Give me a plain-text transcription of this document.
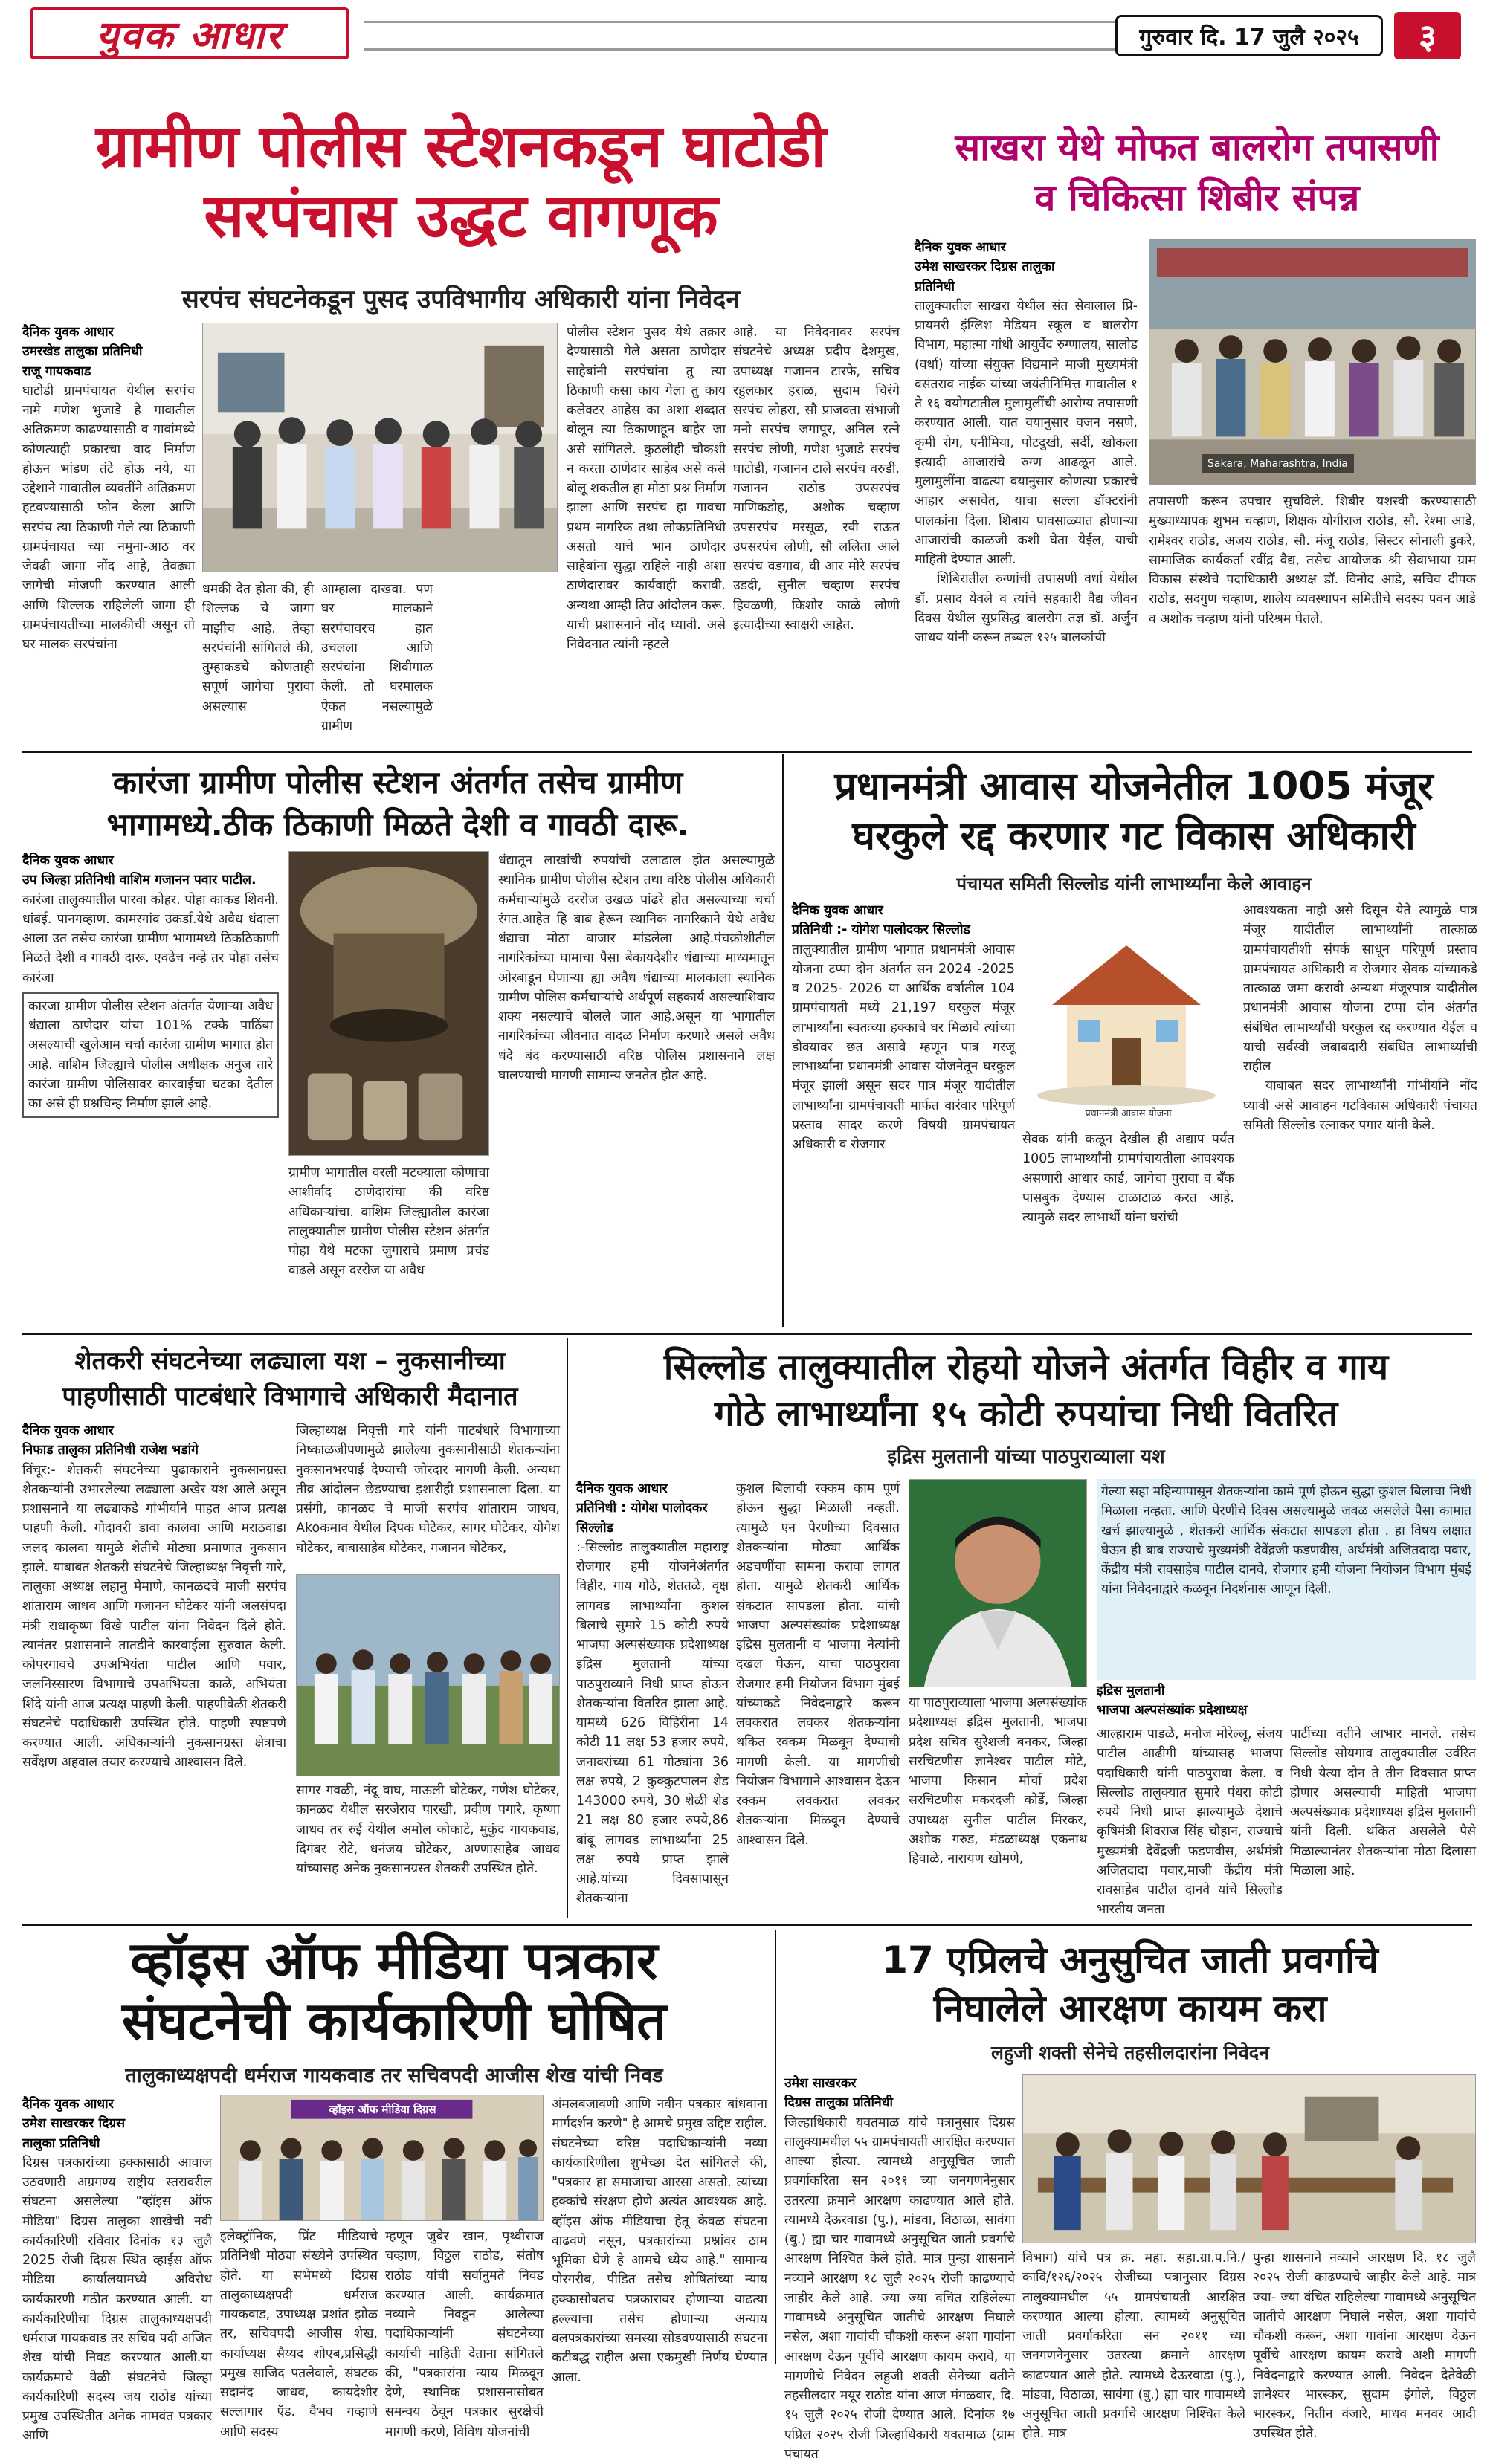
युवक आधार	गुरुवार दि. 17 जुलै २०२५ ३
ग्रामीण पोलीस स्टेशनकडून घाटोडी
सरपंचास उद्धट वागणूक
सरपंच संघटनेकडून पुसद उपविभागीय अधिकारी यांना निवेदन
दैनिक युवक आधार
उमरखेड तालुका प्रतिनिधी
राजू गायकवाड

घाटोडी ग्रामपंचायत येथील सरपंच नामे गणेश भुजाडे हे गावातील अतिक्रमण काढण्यासाठी व गावांमध्ये कोणत्याही प्रकारचा वाद निर्माण होऊन भांडण तंटे होऊ नये, या उद्देशाने गावातील व्यक्तींने अतिक्रमण हटवण्यासाठी फोन केला आणि सरपंच त्या ठिकाणी गेले त्या ठिकाणी ग्रामपंचायत च्या नमुना-आठ वर जेवढी जागा नोंद आहे, तेवढ्या जागेची मोजणी करण्यात आली आणि शिल्लक राहिलेली जागा ही ग्रामपंचायतीच्या मालकीची असून तो घर मालक सरपंचांना

धमकी देत होता की, ही शिल्लक चे जागा माझीच आहे. तेव्हा सरपंचांनी सांगितले की, तुम्हाकडचे कोणताही सपूर्ण जागेचा पुरावा असल्यास

आम्हाला दाखवा. पण घर मालकाने सरपंचावरच हात उचलला आणि सरपंचांना शिवीगाळ केली. तो घरमालक ऐकत नसल्यामुळे ग्रामीण

पोलीस स्टेशन पुसद येथे तक्रार देण्यासाठी गेले असता ठाणेदार साहेबांनी सरपंचांना तु त्या ठिकाणी कसा काय गेला तु काय कलेक्टर आहेस का अशा शब्दात बोलून त्या ठिकाणाहून बाहेर जा असे सांगितले. कुठलीही चौकशी न करता ठाणेदार साहेब असे कसे बोलू शकतील हा मोठा प्रश्न निर्माण झाला आणि सरपंच हा गावचा प्रथम नागरिक तथा लोकप्रतिनिधी असतो याचे भान ठाणेदार साहेबांना सुद्धा राहिले नाही अशा ठाणेदारावर कार्यवाही करावी. अन्यथा आम्ही तिव्र आंदोलन करू. याची प्रशासनाने नोंद घ्यावी. असे निवेदनात त्यांनी म्हटले

आहे. या निवेदनावर सरपंच संघटनेचे अध्यक्ष प्रदीप देशमुख, उपाध्यक्ष गजानन टारफे, सचिव रहुलकार हराळ, सुदाम चिरंगे सरपंच लोहरा, सौ प्राजक्ता संभाजी मनो सरपंच जगापूर, अनिल रत्ने सरपंच लोणी, गणेश भुजाडे सरपंच घाटोडी, गजानन टाले सरपंच वरुडी, गजानन राठोड उपसरपंच माणिकडोह, अशोक चव्हाण उपसरपंच मरसूळ, रवी राऊत उपसरपंच लोणी, सौ ललिता आले सरपंच वडगाव, वी आर मोरे सरपंच उडदी, सुनील चव्हाण सरपंच हिवळणी, किशोर काळे लोणी इत्यादींच्या स्वाक्षरी आहेत.

साखरा येथे मोफत बालरोग तपासणी
व चिकित्सा शिबीर संपन्न
दैनिक युवक आधार
उमेश साखरकर दिग्रस तालुका
प्रतिनिधी

तालुक्यातील साखरा येथील संत सेवालाल प्रि- प्रायमरी इंग्लिश मेडियम स्कूल व बालरोग विभाग, महात्मा गांधी आयुर्वेद रुग्णालय, सालोड (वर्धा) यांच्या संयुक्त विद्यमाने माजी मुख्यमंत्री वसंतराव नाईक यांच्या जयंतीनिमित्त गावातील १ ते १६ वयोगटातील मुलामुलींची आरोग्य तपासणी करण्यात आली. यात वयानुसार वजन नसणे, कृमी रोग, एनीमिया, पोटदुखी, सर्दी, खोकला इत्यादी आजारांचे रुग्ण आढळून आले. मुलामुलींना वाढत्या वयानुसार कोणत्या प्रकारचे आहार असावेत, याचा सल्ला डॉक्टरांनी पालकांना दिला. शिबाय पावसाळ्यात होणाऱ्या आजारांची काळजी कशी घेता येईल, याची माहिती देण्यात आली.

शिबिरातील रुग्णांची तपासणी वर्धा येथील डॉ. प्रसाद येवले व त्यांचे सहकारी वैद्य जीवन दिवस येथील सुप्रसिद्ध बालरोग तज्ञ डॉ. अर्जुन जाधव यांनी करून तब्बल १२५ बालकांची

Sakara, Maharashtra, India

तपासणी करून उपचार सुचविले. शिबीर यशस्वी करण्यासाठी मुख्याध्यापक शुभम चव्हाण, शिक्षक योगीराज राठोड, सौ. रेश्मा आडे, रामेश्वर राठोड, अजय राठोड, सौ. मंजू राठोड, सिस्टर सोनाली डुकरे, सामाजिक कार्यकर्ता रवींद्र वैद्य, तसेच आयोजक श्री सेवाभाया ग्राम विकास संस्थेचे पदाधिकारी अध्यक्ष डॉ. विनोद आडे, सचिव दीपक राठोड, सदगुण चव्हाण, शालेय व्यवस्थापन समितीचे सदस्य पवन आडे व अशोक चव्हाण यांनी परिश्रम घेतले.

कारंजा ग्रामीण पोलीस स्टेशन अंतर्गत तसेच ग्रामीण
भागामध्ये.ठीक ठिकाणी मिळते देशी व गावठी दारू.
दैनिक युवक आधार
उप जिल्हा प्रतिनिधी वाशिम गजानन पवार पाटील.

कारंजा तालुक्यातील पारवा कोहर. पोहा काकड शिवनी. धांबई. पानगव्हाण. कामरगांव उकर्डा.येथे अवैध धंदाला आला उत तसेच कारंजा ग्रामीण भागामध्ये ठिकठिकाणी मिळते देशी व गावठी दारू. एवढेच नव्हे तर पोहा तसेच कारंजा

कारंजा ग्रामीण पोलीस स्टेशन अंतर्गत येणाऱ्या अवैध धंद्याला ठाणेदार यांचा 101% टक्के पाठिंबा असल्याची खुलेआम चर्चा कारंजा ग्रामीण भागात होत आहे. वाशिम जिल्ह्याचे पोलीस अधीक्षक अनुज तारे कारंजा ग्रामीण पोलिसावर कारवाईचा चटका देतील का असे ही प्रश्नचिन्ह निर्माण झाले आहे.

ग्रामीण भागातील वरली मटक्याला कोणाचा आशीर्वाद ठाणेदारांचा की वरिष्ठ अधिकाऱ्यांचा. वाशिम जिल्ह्यातील कारंजा तालुक्यातील ग्रामीण पोलीस स्टेशन अंतर्गत पोहा येथे मटका जुगाराचे प्रमाण प्रचंड वाढले असून दररोज या अवैध

धंद्यातून लाखांची रुपयांची उलाढाल होत असल्यामुळे स्थानिक ग्रामीण पोलीस स्टेशन तथा वरिष्ठ पोलीस अधिकारी कर्मचाऱ्यांमुळे दररोज उखळ पांढरे होत असल्याच्या चर्चा रंगत.आहेत हि बाब हेरून स्थानिक नागरिकाने येथे अवैध धंद्याचा मोठा बाजार मांडलेला आहे.पंचक्रोशीतील नागरिकांच्या घामाचा पैसा बेकायदेशीर धंद्याच्या माध्यमातून ओरबाडून घेणाऱ्या ह्या अवैध धंद्याच्या मालकाला स्थानिक ग्रामीण पोलिस कर्मचाऱ्यांचे अर्थपूर्ण सहकार्य असल्याशिवाय शक्य नसल्याचे बोलले जात आहे.असून या भागातील नागरिकांच्या जीवनात वादळ निर्माण करणारे असले अवैध धंदे बंद करण्यासाठी वरिष्ठ पोलिस प्रशासनाने लक्ष घालण्याची मागणी सामान्य जनतेत होत आहे.

प्रधानमंत्री आवास योजनेतील 1005 मंजूर
घरकुले रद्द करणार गट विकास अधिकारी
पंचायत समिती सिल्लोड यांनी लाभार्थ्यांना केले आवाहन
दैनिक युवक आधार
प्रतिनिधी :- योगेश पालोदकर सिल्लोड

तालुक्यातील ग्रामीण भागात प्रधानमंत्री आवास योजना टप्पा दोन अंतर्गत सन 2024 -2025 व 2025- 2026 या आर्थिक वर्षातील 104 ग्रामपंचायती मध्ये 21,197 घरकुल मंजूर लाभार्थ्यांना स्वतःच्या हक्काचे घर मिळावे त्यांच्या डोक्यावर छत असावे म्हणून पात्र गरजू लाभार्थ्यांना प्रधानमंत्री आवास योजनेतून घरकुल मंजूर झाली असून सदर पात्र मंजूर यादीतील लाभार्थ्यांना ग्रामपंचायती मार्फत वारंवार परिपूर्ण प्रस्ताव सादर करणे विषयी ग्रामपंचायत अधिकारी व रोजगार

प्रधानमंत्री आवास योजना

सेवक यांनी कळून देखील ही अद्याप पर्यंत 1005 लाभार्थ्यांनी ग्रामपंचायतीला आवश्यक असणारी आधार कार्ड, जागेचा पुरावा व बँक पासबुक देण्यास टाळाटाळ करत आहे. त्यामुळे सदर लाभार्थी यांना घरांची

आवश्यकता नाही असे दिसून येते त्यामुळे पात्र मंजूर यादीतील लाभार्थ्यांनी तात्काळ ग्रामपंचायतीशी संपर्क साधून परिपूर्ण प्रस्ताव ग्रामपंचायत अधिकारी व रोजगार सेवक यांच्याकडे तात्काळ जमा करावी अन्यथा मंजूरपात्र यादीतील प्रधानमंत्री आवास योजना टप्पा दोन अंतर्गत संबंधित लाभार्थ्यांची घरकुल रद्द करण्यात येईल व याची सर्वस्वी जबाबदारी संबंधित लाभार्थ्यांची राहील

याबाबत सदर लाभार्थ्यांनी गांभीर्याने नोंद घ्यावी असे आवाहन गटविकास अधिकारी पंचायत समिती सिल्लोड रत्नाकर पगार यांनी केले.

शेतकरी संघटनेच्या लढ्याला यश – नुकसानीच्या
पाहणीसाठी पाटबंधारे विभागाचे अधिकारी मैदानात
दैनिक युवक आधार
निफाड तालुका प्रतिनिधी राजेश भडांगे

विंचूर:- शेतकरी संघटनेच्या पुढाकाराने नुकसानग्रस्त शेतकऱ्यांनी उभारलेल्या लढ्याला अखेर यश आले असून प्रशासनाने या लढ्याकडे गांभीर्याने पाहत आज प्रत्यक्ष पाहणी केली. गोदावरी डावा कालवा आणि मराठवाडा जलद कालवा यामुळे शेतीचे मोठ्या प्रमाणात नुकसान झाले. याबाबत शेतकरी संघटनेचे जिल्हाध्यक्ष निवृत्ती गारे, तालुका अध्यक्ष लहानु मेमाणे, कानळदचे माजी सरपंच शांताराम जाधव आणि गजानन घोटेकर यांनी जलसंपदा मंत्री राधाकृष्ण विखे पाटील यांना निवेदन दिले होते. त्यानंतर प्रशासनाने तातडीने कारवाईला सुरुवात केली. कोपरगावचे उपअभियंता पाटील आणि पवार, जलनिस्सारण विभागाचे उपअभियंता काळे, अभियंता शिंदे यांनी आज प्रत्यक्ष पाहणी केली. पाहणीवेळी शेतकरी संघटनेचे पदाधिकारी उपस्थित होते. पाहणी स्पष्टपणे करण्यात आली. अधिकाऱ्यांनी नुकसानग्रस्त क्षेत्राचा सर्वेक्षण अहवाल तयार करण्याचे आश्वासन दिले.

जिल्हाध्यक्ष निवृत्ती गारे यांनी पाटबंधारे विभागाच्या निष्काळजीपणामुळे झालेल्या नुकसानीसाठी शेतकऱ्यांना नुकसानभरपाई देण्याची जोरदार मागणी केली. अन्यथा तीव्र आंदोलन छेडण्याचा इशारीही प्रशासनाला दिला. या प्रसंगी, कानळद चे माजी सरपंच शांताराम जाधव, Akoकमाव येथील दिपक घोटेकर, सागर घोटेकर, योगेश घोटेकर, बाबासाहेब घोटेकर, गजानन घोटेकर,

सागर गवळी, नंदू वाघ, माऊली घोटेकर, गणेश घोटेकर, कानळद येथील सरजेराव पारखी, प्रवीण पगारे, कृष्णा जाधव तर रुई येथील अमोल कोकाटे, मुकुंद गायकवाड, दिगंबर रोटे, धनंजय घोटेकर, अण्णासाहेब जाधव यांच्यासह अनेक नुकसानग्रस्त शेतकरी उपस्थित होते.

सिल्लोड तालुक्यातील रोहयो योजने अंतर्गत विहीर व गाय
गोठे लाभार्थ्यांना १५ कोटी रुपयांचा निधी वितरित
इद्रिस मुलतानी यांच्या पाठपुराव्याला यश
दैनिक युवक आधार
प्रतिनिधी : योगेश पालोदकर
सिल्लोड

:-सिल्लोड तालुक्यातील महाराष्ट्र रोजगार हमी योजनेअंतर्गत विहीर, गाय गोठे, शेततळे, वृक्ष लागवड लाभार्थ्यांना कुशल बिलाचे सुमारे 15 कोटी रुपये भाजपा अल्पसंख्याक प्रदेशाध्यक्ष इद्रिस मुलतानी यांच्या पाठपुराव्याने निधी प्राप्त होऊन शेतकऱ्यांना वितरित झाला आहे. यामध्ये 626 विहिरीना 14 कोटी 11 लक्ष 53 हजार रुपये, जनावरांच्या 61 गोठ्यांना 36 लक्ष रुपये, 2 कुक्कुटपालन शेड 143000 रुपये, 30 शेळी शेड 21 लक्ष 80 हजार रुपये,86 बांबू लागवड लाभार्थ्यांना 25 लक्ष रुपये प्राप्त झाले आहे.यांच्या दिवसापासून शेतकऱ्यांना

कुशल बिलाची रक्कम काम पूर्ण होऊन सुद्धा मिळाली नव्हती. त्यामुळे एन पेरणीच्या दिवसात शेतकऱ्यांना मोठ्या आर्थिक अडचणींचा सामना करावा लागत होता. यामुळे शेतकरी आर्थिक संकटात सापडला होता. यांची भाजपा अल्पसंख्यांक प्रदेशाध्यक्ष इद्रिस मुलतानी व भाजपा नेत्यांनी दखल घेऊन, याचा पाठपुरावा रोजगार हमी नियोजन विभाग मुंबई यांच्याकडे निवेदनाद्वारे करून लवकरात लवकर शेतकऱ्यांना थकित रक्कम मिळवून देण्याची मागणी केली. या मागणीची नियोजन विभागाने आश्वासन देऊन रक्कम लवकरात लवकर शेतकऱ्यांना मिळवून देण्याचे आश्वासन दिले.

या पाठपुराव्याला भाजपा अल्पसंख्यांक प्रदेशाध्यक्ष इद्रिस मुलतानी, भाजपा प्रदेश सचिव सुरेशजी बनकर, जिल्हा सरचिटणीस ज्ञानेश्वर पाटील मोटे, भाजपा किसान मोर्चा प्रदेश सरचिटणीस मकरंदजी कोर्डे, जिल्हा उपाध्यक्ष सुनील पाटील मिरकर, अशोक गरुड, मंडळाध्यक्ष एकनाथ हिवाळे, नारायण खोमणे,

गेल्या सहा महिन्यापासून शेतकऱ्यांना कामे पूर्ण होऊन सुद्धा कुशल बिलाचा निधी मिळाला नव्हता. आणि पेरणीचे दिवस असल्यामुळे जवळ असलेले पैसा कामात खर्च झाल्यामुळे , शेतकरी आर्थिक संकटात सापडला होता . हा विषय लक्षात घेऊन ही बाब राज्याचे मुख्यमंत्री देवेंद्रजी फडणवीस, अर्थमंत्री अजितदादा पवार, केंद्रीय मंत्री रावसाहेब पाटील दानवे, रोजगार हमी योजना नियोजन विभाग मुंबई यांना निवेदनाद्वारे कळवून निदर्शनास आणून दिली.

इद्रिस मुलतानी
भाजपा अल्पसंख्यांक प्रदेशाध्यक्ष

आल्हाराम पाडळे, मनोज मोरेल्लू, संजय पाटील आढीगी यांच्यासह भाजपा पदाधिकारी यांनी पाठपुरावा केला. व सिल्लोड तालुक्यात सुमारे पंधरा कोटी रुपये निधी प्राप्त झाल्यामुळे देशाचे कृषिमंत्री शिवराज सिंह चौहान, राज्याचे मुख्यमंत्री देवेंद्रजी फडणवीस, अर्थमंत्री अजितदादा पवार,माजी केंद्रीय मंत्री रावसाहेब पाटील दानवे यांचे सिल्लोड भारतीय जनता

पार्टीच्या वतीने आभार मानले. तसेच सिल्लोड सोयगाव तालुक्यातील उर्वरित निधी येत्या दोन ते तीन दिवसात प्राप्त होणार असल्याची माहिती भाजपा अल्पसंख्याक प्रदेशाध्यक्ष इद्रिस मुलतानी यांनी दिली. थकित असलेले पैसे मिळाल्यानंतर शेतकऱ्यांना मोठा दिलासा मिळाला आहे.

व्हॉइस ऑफ मीडिया पत्रकार
संघटनेची कार्यकारिणी घोषित
तालुकाध्यक्षपदी धर्मराज गायकवाड तर सचिवपदी आजीस शेख यांची निवड
दैनिक युवक आधार
उमेश साखरकर दिग्रस
तालुका प्रतिनिधी

दिग्रस पत्रकारांच्या हक्कासाठी आवाज उठवणारी अग्रगण्य राष्ट्रीय स्तरावरील संघटना असलेल्या "व्हॉइस ऑफ मीडिया" दिग्रस तालुका शाखेची नवी कार्यकारिणी रविवार दिनांक १३ जुलै 2025 रोजी दिग्रस स्थित व्हाईस ऑफ मीडिया कार्यालयामध्ये अविरोध कार्यकारणी गठीत करण्यात आली. या कार्यकारिणीचा दिग्रस तालुकाध्यक्षपदी धर्मराज गायकवाड तर सचिव पदी अजित शेख यांची निवड करण्यात आली.या कार्यक्रमाचे वेळी संघटनेचे जिल्हा कार्यकारिणी सदस्य जय राठोड यांच्या प्रमुख उपस्थितीत अनेक नामवंत पत्रकार आणि

व्हॉइस ऑफ मीडिया दिग्रस

इलेक्ट्रॉनिक, प्रिंट मीडियाचे प्रतिनिधी मोठ्या संख्येने उपस्थित होते. या सभेमध्ये दिग्रस तालुकाध्यक्षपदी धर्मराज गायकवाड, उपाध्यक्ष प्रशांत झोळ तर, सचिवपदी आजीस शेख, कार्याध्यक्ष सैय्यद शोएब,प्रसिद्धी प्रमुख साजिद पतलेवाले, संघटक सदानंद जाधव, कायदेशीर सल्लागार ऍड. वैभव गव्हाणे आणि सदस्य

म्हणून जुबेर खान, पृथ्वीराज चव्हाण, विठ्ठल राठोड, संतोष राठोड यांची सर्वानुमते निवड करण्यात आली. कार्यक्रमात नव्याने निवडून आलेल्या पदाधिकाऱ्यांनी संघटनेच्या कार्याची माहिती देताना सांगितले की, "पत्रकारांना न्याय मिळवून देणे, स्थानिक प्रशासनासोबत समन्वय ठेवून पत्रकार सुरक्षेची मागणी करणे, विविध योजनांची

अंमलबजावणी आणि नवीन पत्रकार बांधवांना मार्गदर्शन करणे" हे आमचे प्रमुख उद्दिष्ट राहील. संघटनेच्या वरिष्ठ पदाधिकाऱ्यांनी नव्या कार्यकारिणीला शुभेच्छा देत सांगितले की, "पत्रकार हा समाजाचा आरसा असतो. त्यांच्या हक्कांचे संरक्षण होणे अत्यंत आवश्यक आहे. व्हॉइस ऑफ मीडियाचा हेतू केवळ संघटना वाढवणे नसून, पत्रकारांच्या प्रश्नांवर ठाम भूमिका घेणे हे आमचे ध्येय आहे." सामान्य पोरगरीब, पीडित तसेच शोषितांच्या न्याय हक्कासोबतच पत्रकारावर होणाऱ्या वाढत्या हल्ल्याचा तसेच होणाऱ्या अन्याय वलपत्रकारांच्या समस्या सोडवण्यासाठी संघटना कटीबद्ध राहील असा एकमुखी निर्णय घेण्यात आला.

17 एप्रिलचे अनुसुचित जाती प्रवर्गाचे
निघालेले आरक्षण कायम करा
लहुजी शक्ती सेनेचे तहसीलदारांना निवेदन
उमेश साखरकर
दिग्रस तालुका प्रतिनिधी

जिल्हाधिकारी यवतमाळ यांचे पत्रानुसार दिग्रस तालुक्यामधील ५५ ग्रामपंचायती आरक्षित करण्यात आल्या होत्या. त्यामध्ये अनुसूचित जाती प्रवर्गाकरिता सन २०११ च्या जनगणनेनुसार उतरत्या क्रमाने आरक्षण काढण्यात आले होते. त्यामध्ये देऊरवाडा (पु.), मांडवा, विठाळा, सावंगा (बु.) ह्या चार गावामध्ये अनुसूचित जाती प्रवर्गाचे आरक्षण निश्चित केले होते. मात्र पुन्हा शासनाने नव्याने आरक्षण १८ जुलै २०२५ रोजी काढण्याचे जाहीर केले आहे. ज्या ज्या वंचित राहिलेल्या गावामध्ये अनुसूचित जातीचे आरक्षण निघाले नसेल, अशा गावांची चौकशी करून अशा गावांना आरक्षण देऊन पूर्वीचे आरक्षण कायम करावे, या मागणीचे निवेदन लहुजी शक्ती सेनेच्या वतीने तहसीलदार मयूर राठोड यांना आज मंगळवार, दि. १५ जुलै २०२५ रोजी देण्यात आले. दिनांक १७ एप्रिल २०२५ रोजी जिल्हाधिकारी यवतमाळ (ग्राम पंचायत

विभाग) यांचे पत्र क्र. महा. सहा.ग्रा.प.नि./कावि/१२६/२०२५ रोजीच्या पत्रानुसार दिग्रस तालुक्यामधील ५५ ग्रामपंचायती आरक्षित करण्यात आल्या होत्या. त्यामध्ये अनुसूचित जाती प्रवर्गाकरिता सन २०११ च्या जनगणनेनुसार उतरत्या क्रमाने आरक्षण काढण्यात आले होते. त्यामध्ये देऊरवाडा (पु.), मांडवा, विठाळा, सावंगा (बु.) ह्या चार गावामध्ये अनुसूचित जाती प्रवर्गाचे आरक्षण निश्चित केले होते. मात्र

पुन्हा शासनाने नव्याने आरक्षण दि. १८ जुलै २०२५ रोजी काढण्याचे जाहीर केले आहे. मात्र ज्या- ज्या वंचित राहिलेल्या गावामध्ये अनुसूचित जातीचे आरक्षण निघाले नसेल, अशा गावांचे चौकशी करून, अशा गावांना आरक्षण देऊन पूर्वीचे आरक्षण कायम करावे अशी मागणी निवेदनाद्वारे करण्यात आली. निवेदन देतेवेळी ज्ञानेश्वर भारस्कर, सुदाम इंगोले, विठ्ठल भारस्कर, नितीन वंजारे, माधव मनवर आदी उपस्थित होते.
